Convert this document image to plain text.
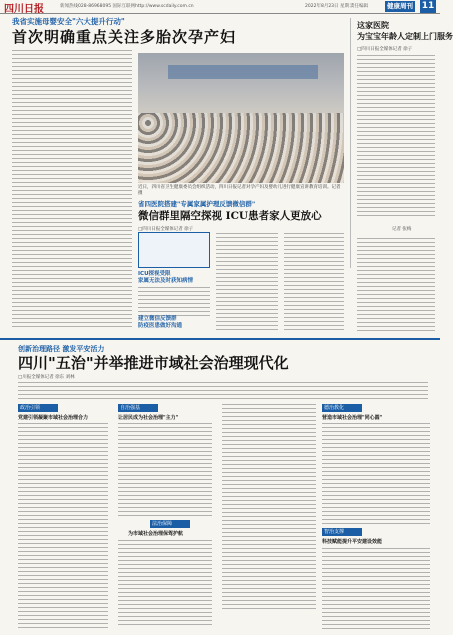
四川日报	新闻热线028-86968095 国际互联网http://www.scdaily.com.cn	2022年8月23日 星期二
责任编辑	健康周刊 11
我省实施母婴安全"六大提升行动"
首次明确重点关注多胎次孕产妇
近日，四川省卫生健康委员会组织活动，四川日报记者对孕产妇及婴幼儿进行健康宣讲教育培训。记者 摄
这家医院
为宝宝年龄人定制上门服务
□四川日报全媒体记者 徐子
记者 张梅
省四医院搭建"专属家属护理反馈微信群"
微信群里隔空探视 ICU患者家人更放心
□四川日报全媒体记者 徐子
ICU探视受限
家属无法及时获知病情
建立微信反馈群
防疫医患做好沟通
创新治理路径 激发平安活力
四川"五治"并举推进市域社会治理现代化
□川报全媒体记者 徐东 刘林
政治引领
党建引领凝聚市域社会治理合力
自治强基
让居民成为社会治理"主力"
法治保障
为市域社会治理保驾护航
德治教化
营造市域社会治理"同心圆"
智治支撑
科技赋能提升平安建设效能
